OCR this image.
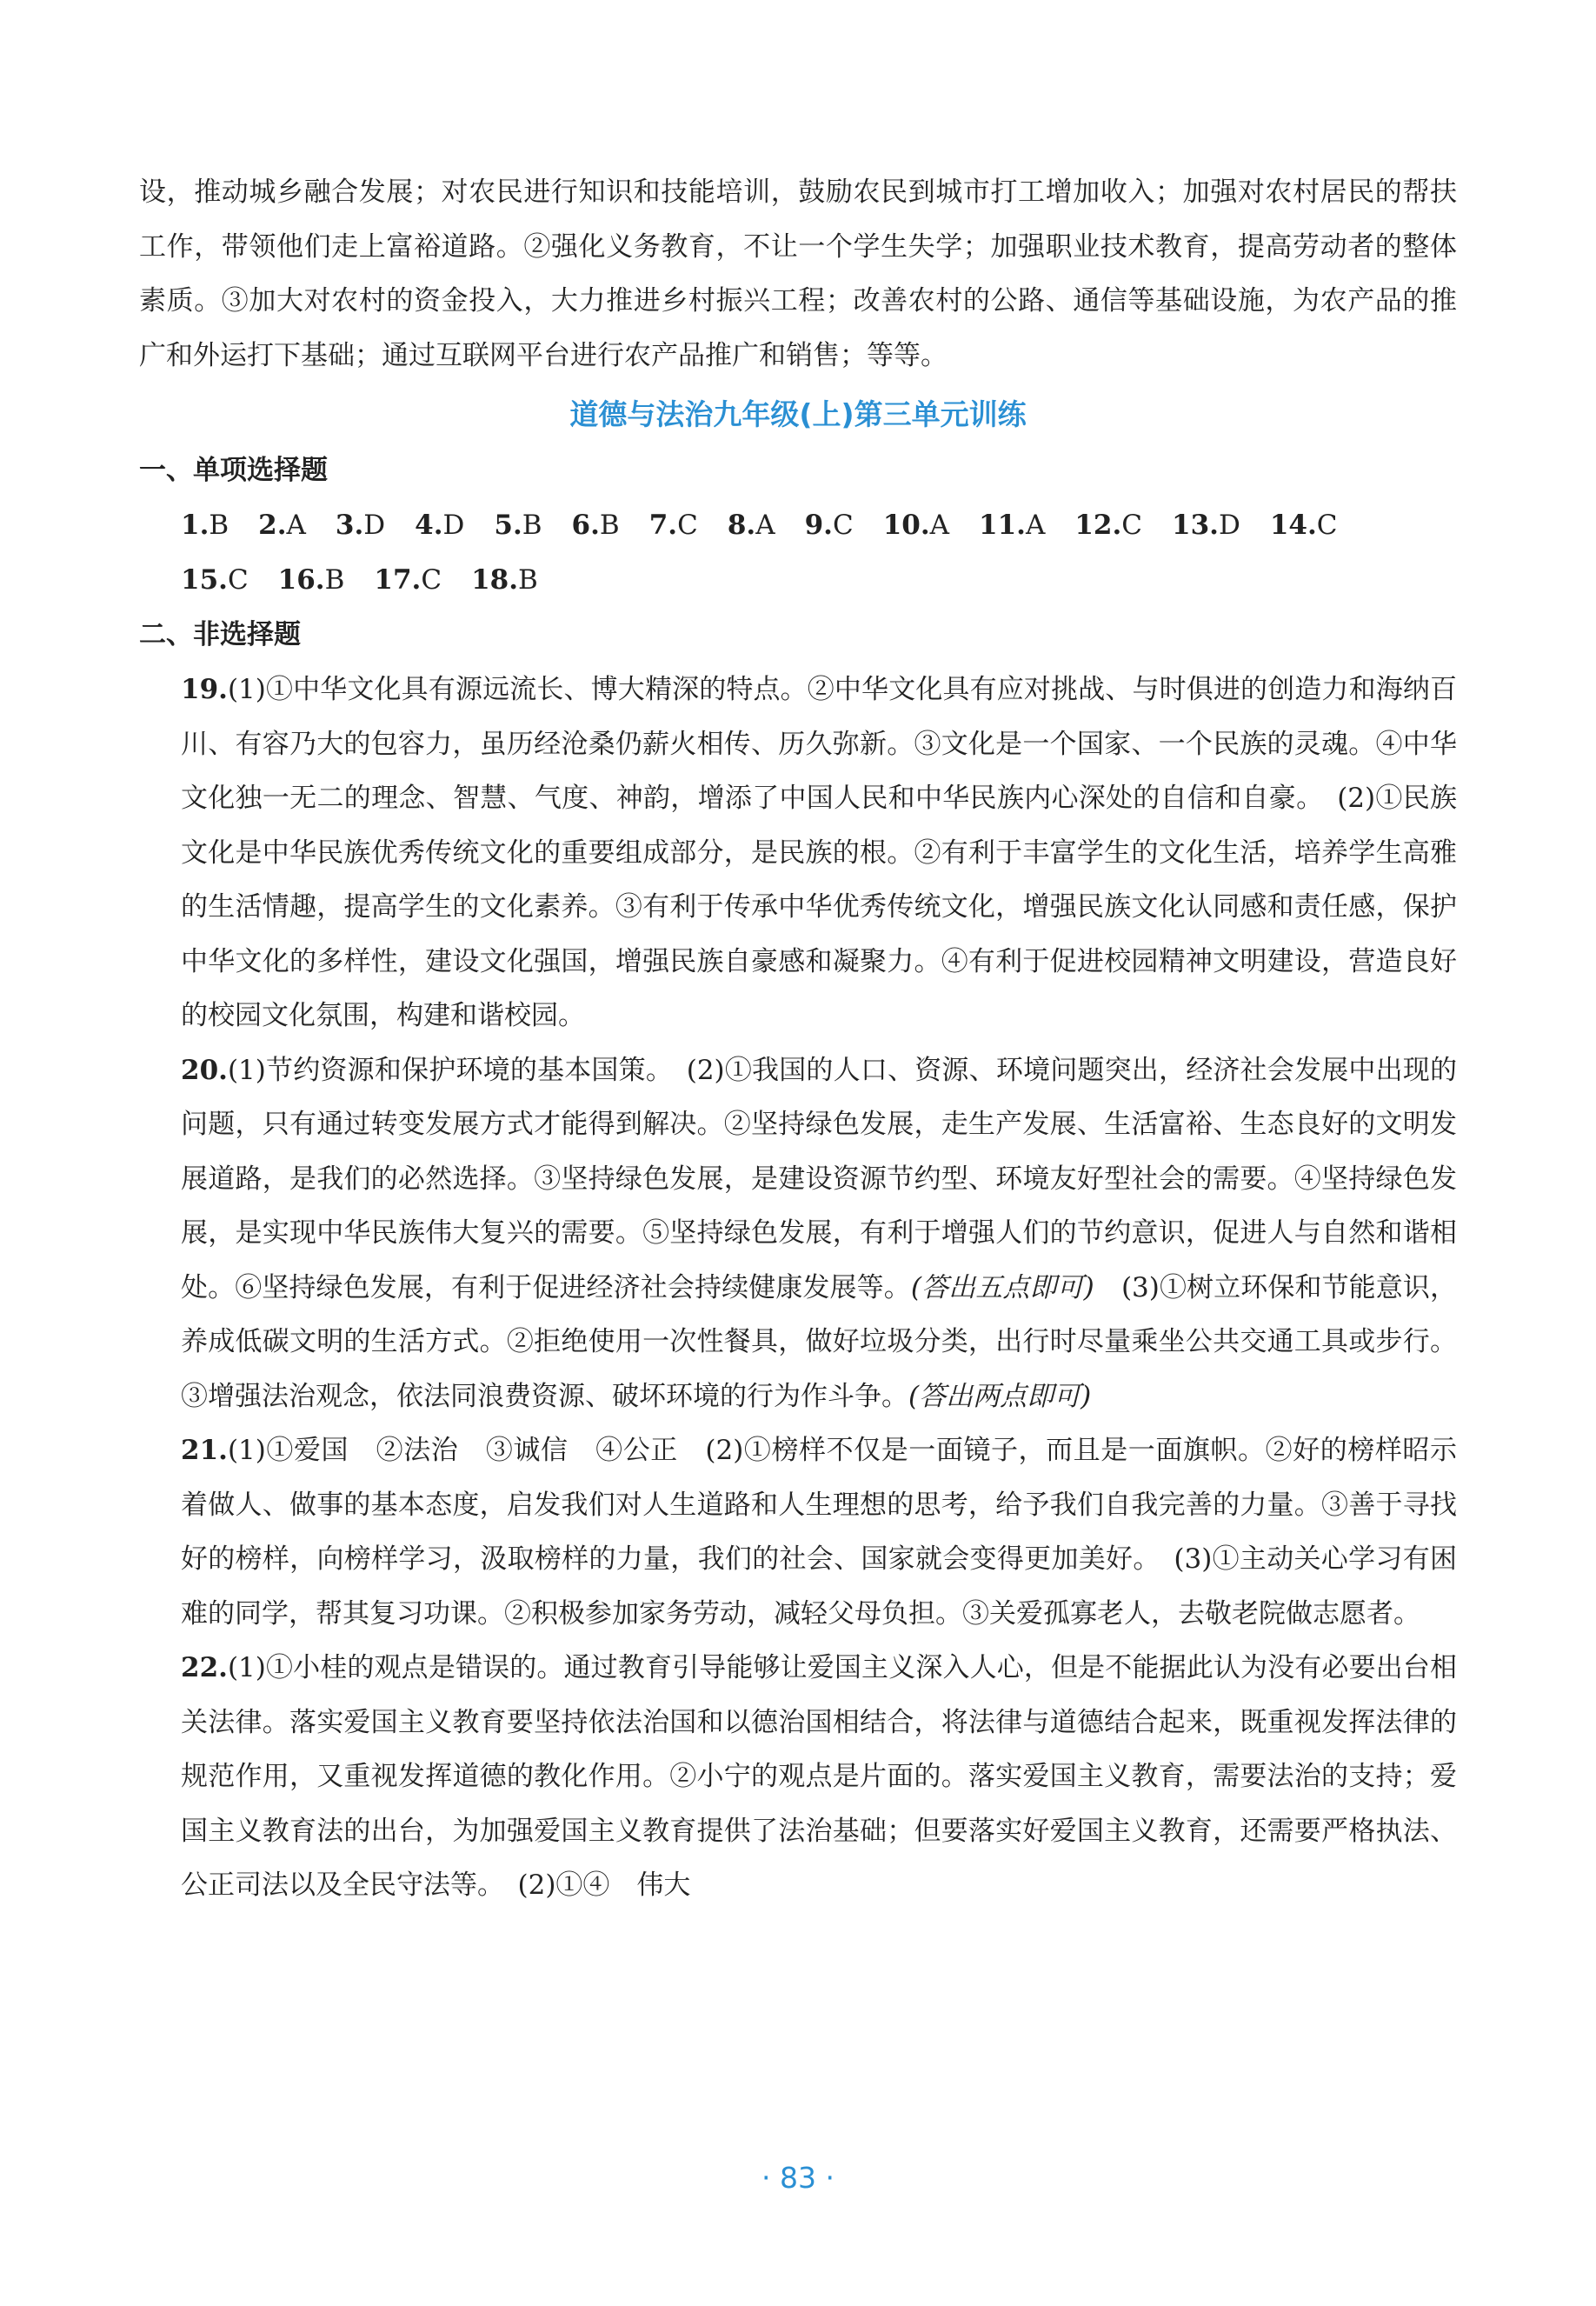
设，推动城乡融合发展；对农民进行知识和技能培训，鼓励农民到城市打工增加收入；加强对农村居民的帮扶工作，带领他们走上富裕道路。②强化义务教育，不让一个学生失学；加强职业技术教育，提高劳动者的整体素质。③加大对农村的资金投入，大力推进乡村振兴工程；改善农村的公路、通信等基础设施，为农产品的推广和外运打下基础；通过互联网平台进行农产品推广和销售；等等。

道德与法治九年级(上)第三单元训练

一、单项选择题

1.B 2.A 3.D 4.D 5.B 6.B 7.C 8.A 9.C 10.A 11.A 12.C 13.D 14.C
15.C 16.B 17.C 18.B

二、非选择题

19.(1)①中华文化具有源远流长、博大精深的特点。②中华文化具有应对挑战、与时俱进的创造力和海纳百川、有容乃大的包容力，虽历经沧桑仍薪火相传、历久弥新。③文化是一个国家、一个民族的灵魂。④中华文化独一无二的理念、智慧、气度、神韵，增添了中国人民和中华民族内心深处的自信和自豪。　(2)①民族文化是中华民族优秀传统文化的重要组成部分，是民族的根。②有利于丰富学生的文化生活，培养学生高雅的生活情趣，提高学生的文化素养。③有利于传承中华优秀传统文化，增强民族文化认同感和责任感，保护中华文化的多样性，建设文化强国，增强民族自豪感和凝聚力。④有利于促进校园精神文明建设，营造良好的校园文化氛围，构建和谐校园。

20.(1)节约资源和保护环境的基本国策。　(2)①我国的人口、资源、环境问题突出，经济社会发展中出现的问题，只有通过转变发展方式才能得到解决。②坚持绿色发展，走生产发展、生活富裕、生态良好的文明发展道路，是我们的必然选择。③坚持绿色发展，是建设资源节约型、环境友好型社会的需要。④坚持绿色发展，是实现中华民族伟大复兴的需要。⑤坚持绿色发展，有利于增强人们的节约意识，促进人与自然和谐相处。⑥坚持绿色发展，有利于促进经济社会持续健康发展等。(答出五点即可)　(3)①树立环保和节能意识，养成低碳文明的生活方式。②拒绝使用一次性餐具，做好垃圾分类，出行时尽量乘坐公共交通工具或步行。③增强法治观念，依法同浪费资源、破坏环境的行为作斗争。(答出两点即可)

21.(1)①爱国　②法治　③诚信　④公正　(2)①榜样不仅是一面镜子，而且是一面旗帜。②好的榜样昭示着做人、做事的基本态度，启发我们对人生道路和人生理想的思考，给予我们自我完善的力量。③善于寻找好的榜样，向榜样学习，汲取榜样的力量，我们的社会、国家就会变得更加美好。　(3)①主动关心学习有困难的同学，帮其复习功课。②积极参加家务劳动，减轻父母负担。③关爱孤寡老人，去敬老院做志愿者。

22.(1)①小桂的观点是错误的。通过教育引导能够让爱国主义深入人心，但是不能据此认为没有必要出台相关法律。落实爱国主义教育要坚持依法治国和以德治国相结合，将法律与道德结合起来，既重视发挥法律的规范作用，又重视发挥道德的教化作用。②小宁的观点是片面的。落实爱国主义教育，需要法治的支持；爱国主义教育法的出台，为加强爱国主义教育提供了法治基础；但要落实好爱国主义教育，还需要严格执法、公正司法以及全民守法等。　(2)①④　伟大

· 83 ·
